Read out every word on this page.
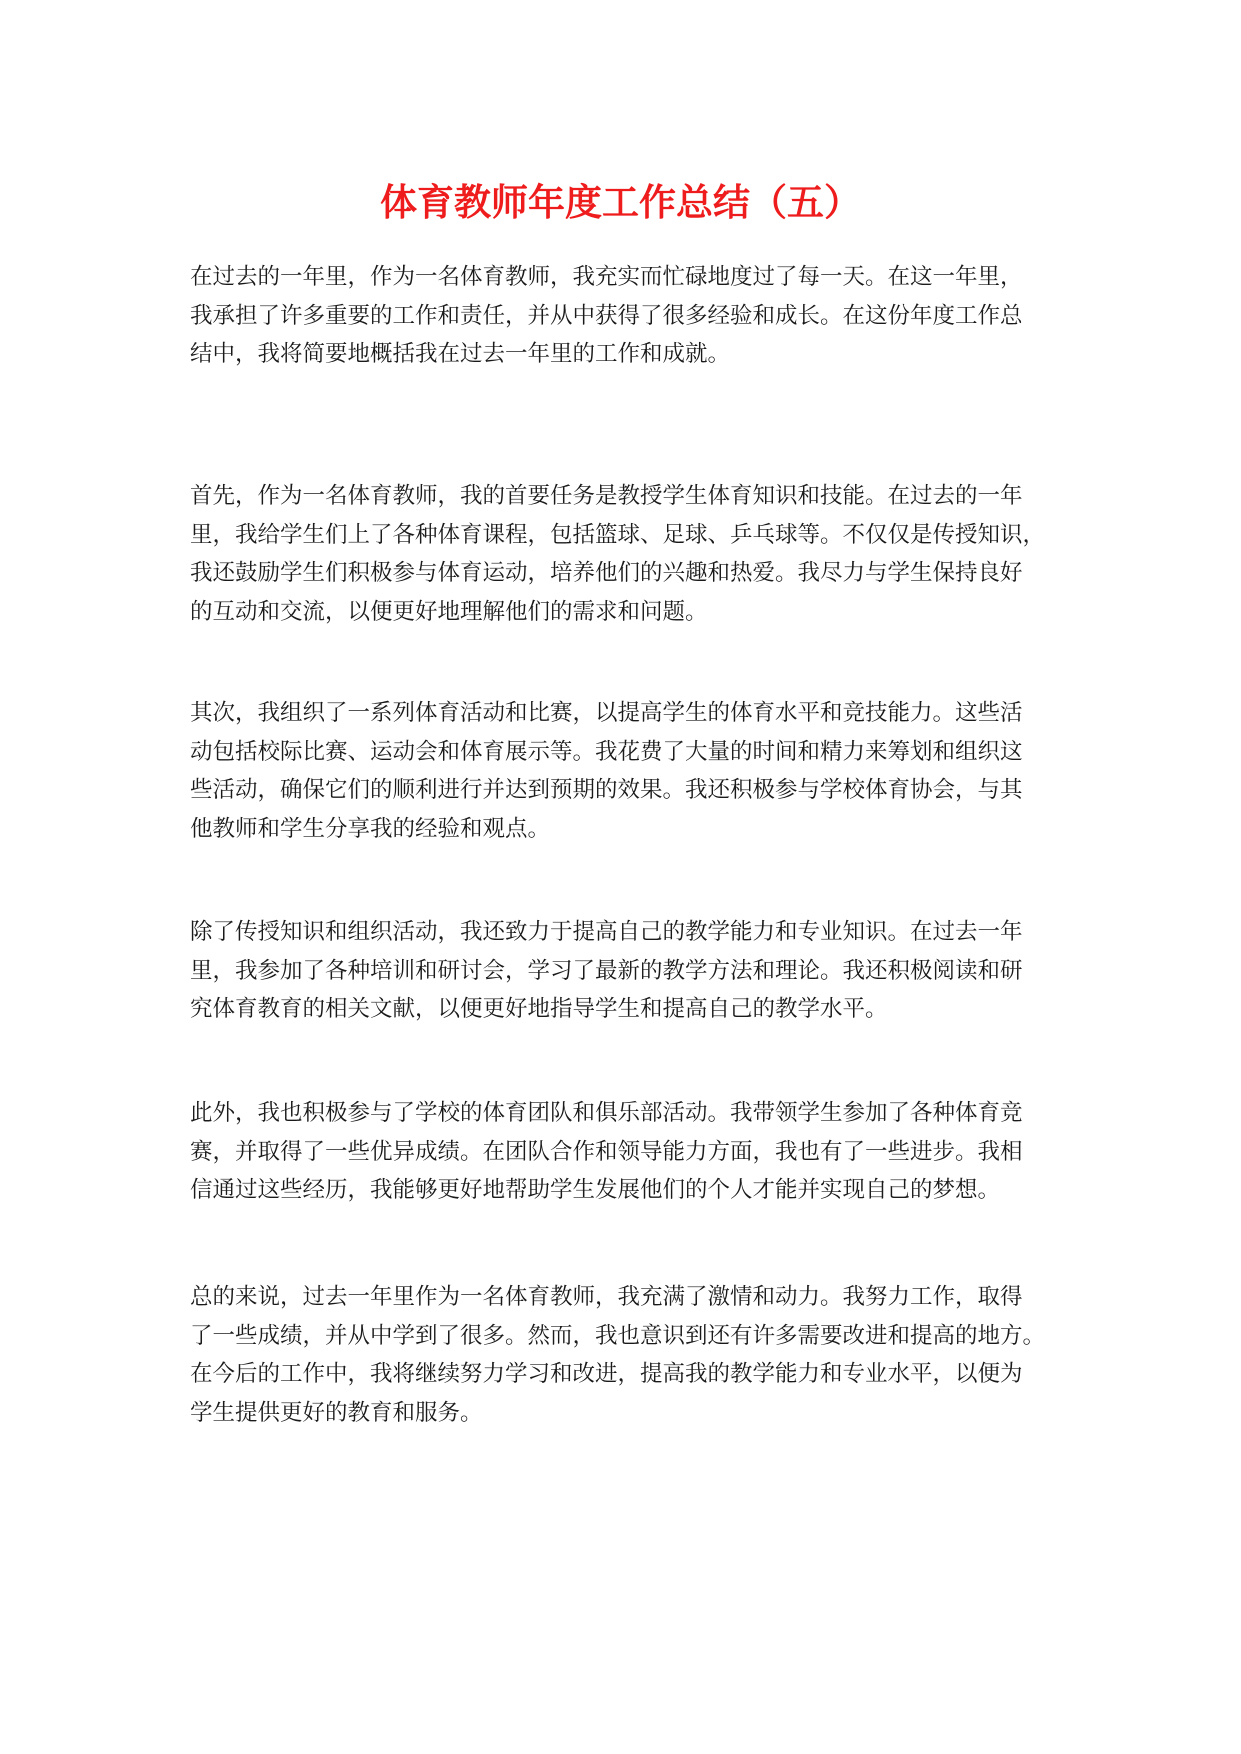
体育教师年度工作总结（五）

在过去的一年里，作为一名体育教师，我充实而忙碌地度过了每一天。在这一年里，
我承担了许多重要的工作和责任，并从中获得了很多经验和成长。在这份年度工作总
结中，我将简要地概括我在过去一年里的工作和成就。

首先，作为一名体育教师，我的首要任务是教授学生体育知识和技能。在过去的一年
里，我给学生们上了各种体育课程，包括篮球、足球、乒乓球等。不仅仅是传授知识，
我还鼓励学生们积极参与体育运动，培养他们的兴趣和热爱。我尽力与学生保持良好
的互动和交流，以便更好地理解他们的需求和问题。

其次，我组织了一系列体育活动和比赛，以提高学生的体育水平和竞技能力。这些活
动包括校际比赛、运动会和体育展示等。我花费了大量的时间和精力来筹划和组织这
些活动，确保它们的顺利进行并达到预期的效果。我还积极参与学校体育协会，与其
他教师和学生分享我的经验和观点。

除了传授知识和组织活动，我还致力于提高自己的教学能力和专业知识。在过去一年
里，我参加了各种培训和研讨会，学习了最新的教学方法和理论。我还积极阅读和研
究体育教育的相关文献，以便更好地指导学生和提高自己的教学水平。

此外，我也积极参与了学校的体育团队和俱乐部活动。我带领学生参加了各种体育竞
赛，并取得了一些优异成绩。在团队合作和领导能力方面，我也有了一些进步。我相
信通过这些经历，我能够更好地帮助学生发展他们的个人才能并实现自己的梦想。

总的来说，过去一年里作为一名体育教师，我充满了激情和动力。我努力工作，取得
了一些成绩，并从中学到了很多。然而，我也意识到还有许多需要改进和提高的地方。
在今后的工作中，我将继续努力学习和改进，提高我的教学能力和专业水平，以便为
学生提供更好的教育和服务。
